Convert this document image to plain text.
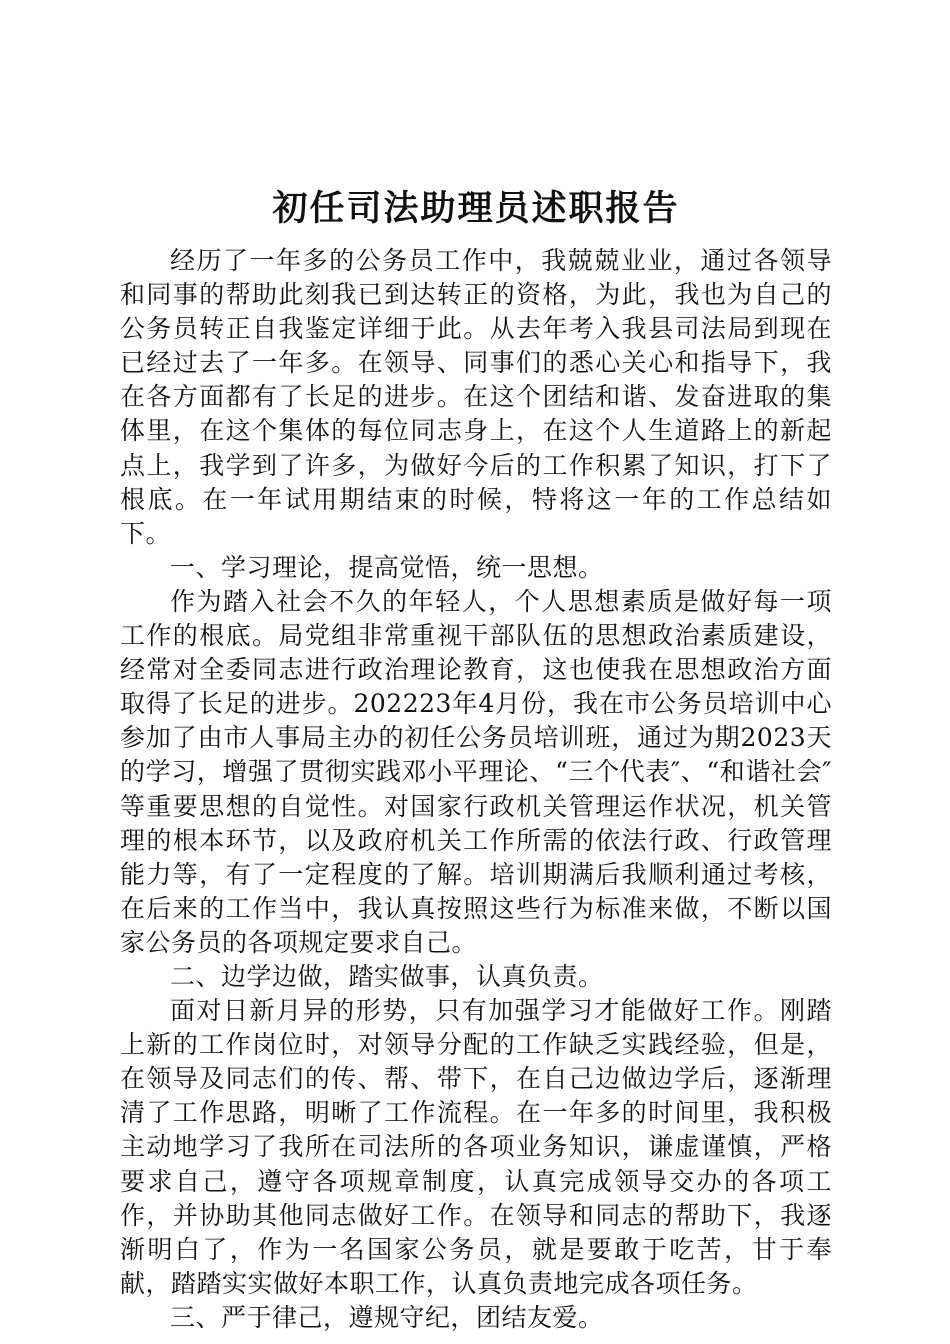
初任司法助理员述职报告

经历了一年多的公务员工作中，我兢兢业业，通过各领导和同事的帮助此刻我已到达转正的资格，为此，我也为自己的公务员转正自我鉴定详细于此。从去年考入我县司法局到现在已经过去了一年多。在领导、同事们的悉心关心和指导下，我在各方面都有了长足的进步。在这个团结和谐、发奋进取的集体里，在这个集体的每位同志身上，在这个人生道路上的新起点上，我学到了许多，为做好今后的工作积累了知识，打下了根底。在一年试用期结束的时候，特将这一年的工作总结如下。

一、学习理论，提高觉悟，统一思想。

作为踏入社会不久的年轻人，个人思想素质是做好每一项工作的根底。局党组非常重视干部队伍的思想政治素质建设，经常对全委同志进行政治理论教育，这也使我在思想政治方面取得了长足的进步。202223年4月份，我在市公务员培训中心参加了由市人事局主办的初任公务员培训班，通过为期2023天的学习，增强了贯彻实践邓小平理论、“三个代表″、“和谐社会″等重要思想的自觉性。对国家行政机关管理运作状况，机关管理的根本环节，以及政府机关工作所需的依法行政、行政管理能力等，有了一定程度的了解。培训期满后我顺利通过考核，在后来的工作当中，我认真按照这些行为标准来做，不断以国家公务员的各项规定要求自己。

二、边学边做，踏实做事，认真负责。

面对日新月异的形势，只有加强学习才能做好工作。刚踏上新的工作岗位时，对领导分配的工作缺乏实践经验，但是，在领导及同志们的传、帮、带下，在自己边做边学后，逐渐理清了工作思路，明晰了工作流程。在一年多的时间里，我积极主动地学习了我所在司法所的各项业务知识，谦虚谨慎，严格要求自己，遵守各项规章制度，认真完成领导交办的各项工作，并协助其他同志做好工作。在领导和同志的帮助下，我逐渐明白了，作为一名国家公务员，就是要敢于吃苦，甘于奉献，踏踏实实做好本职工作，认真负责地完成各项任务。

三、严于律己，遵规守纪，团结友爱。
